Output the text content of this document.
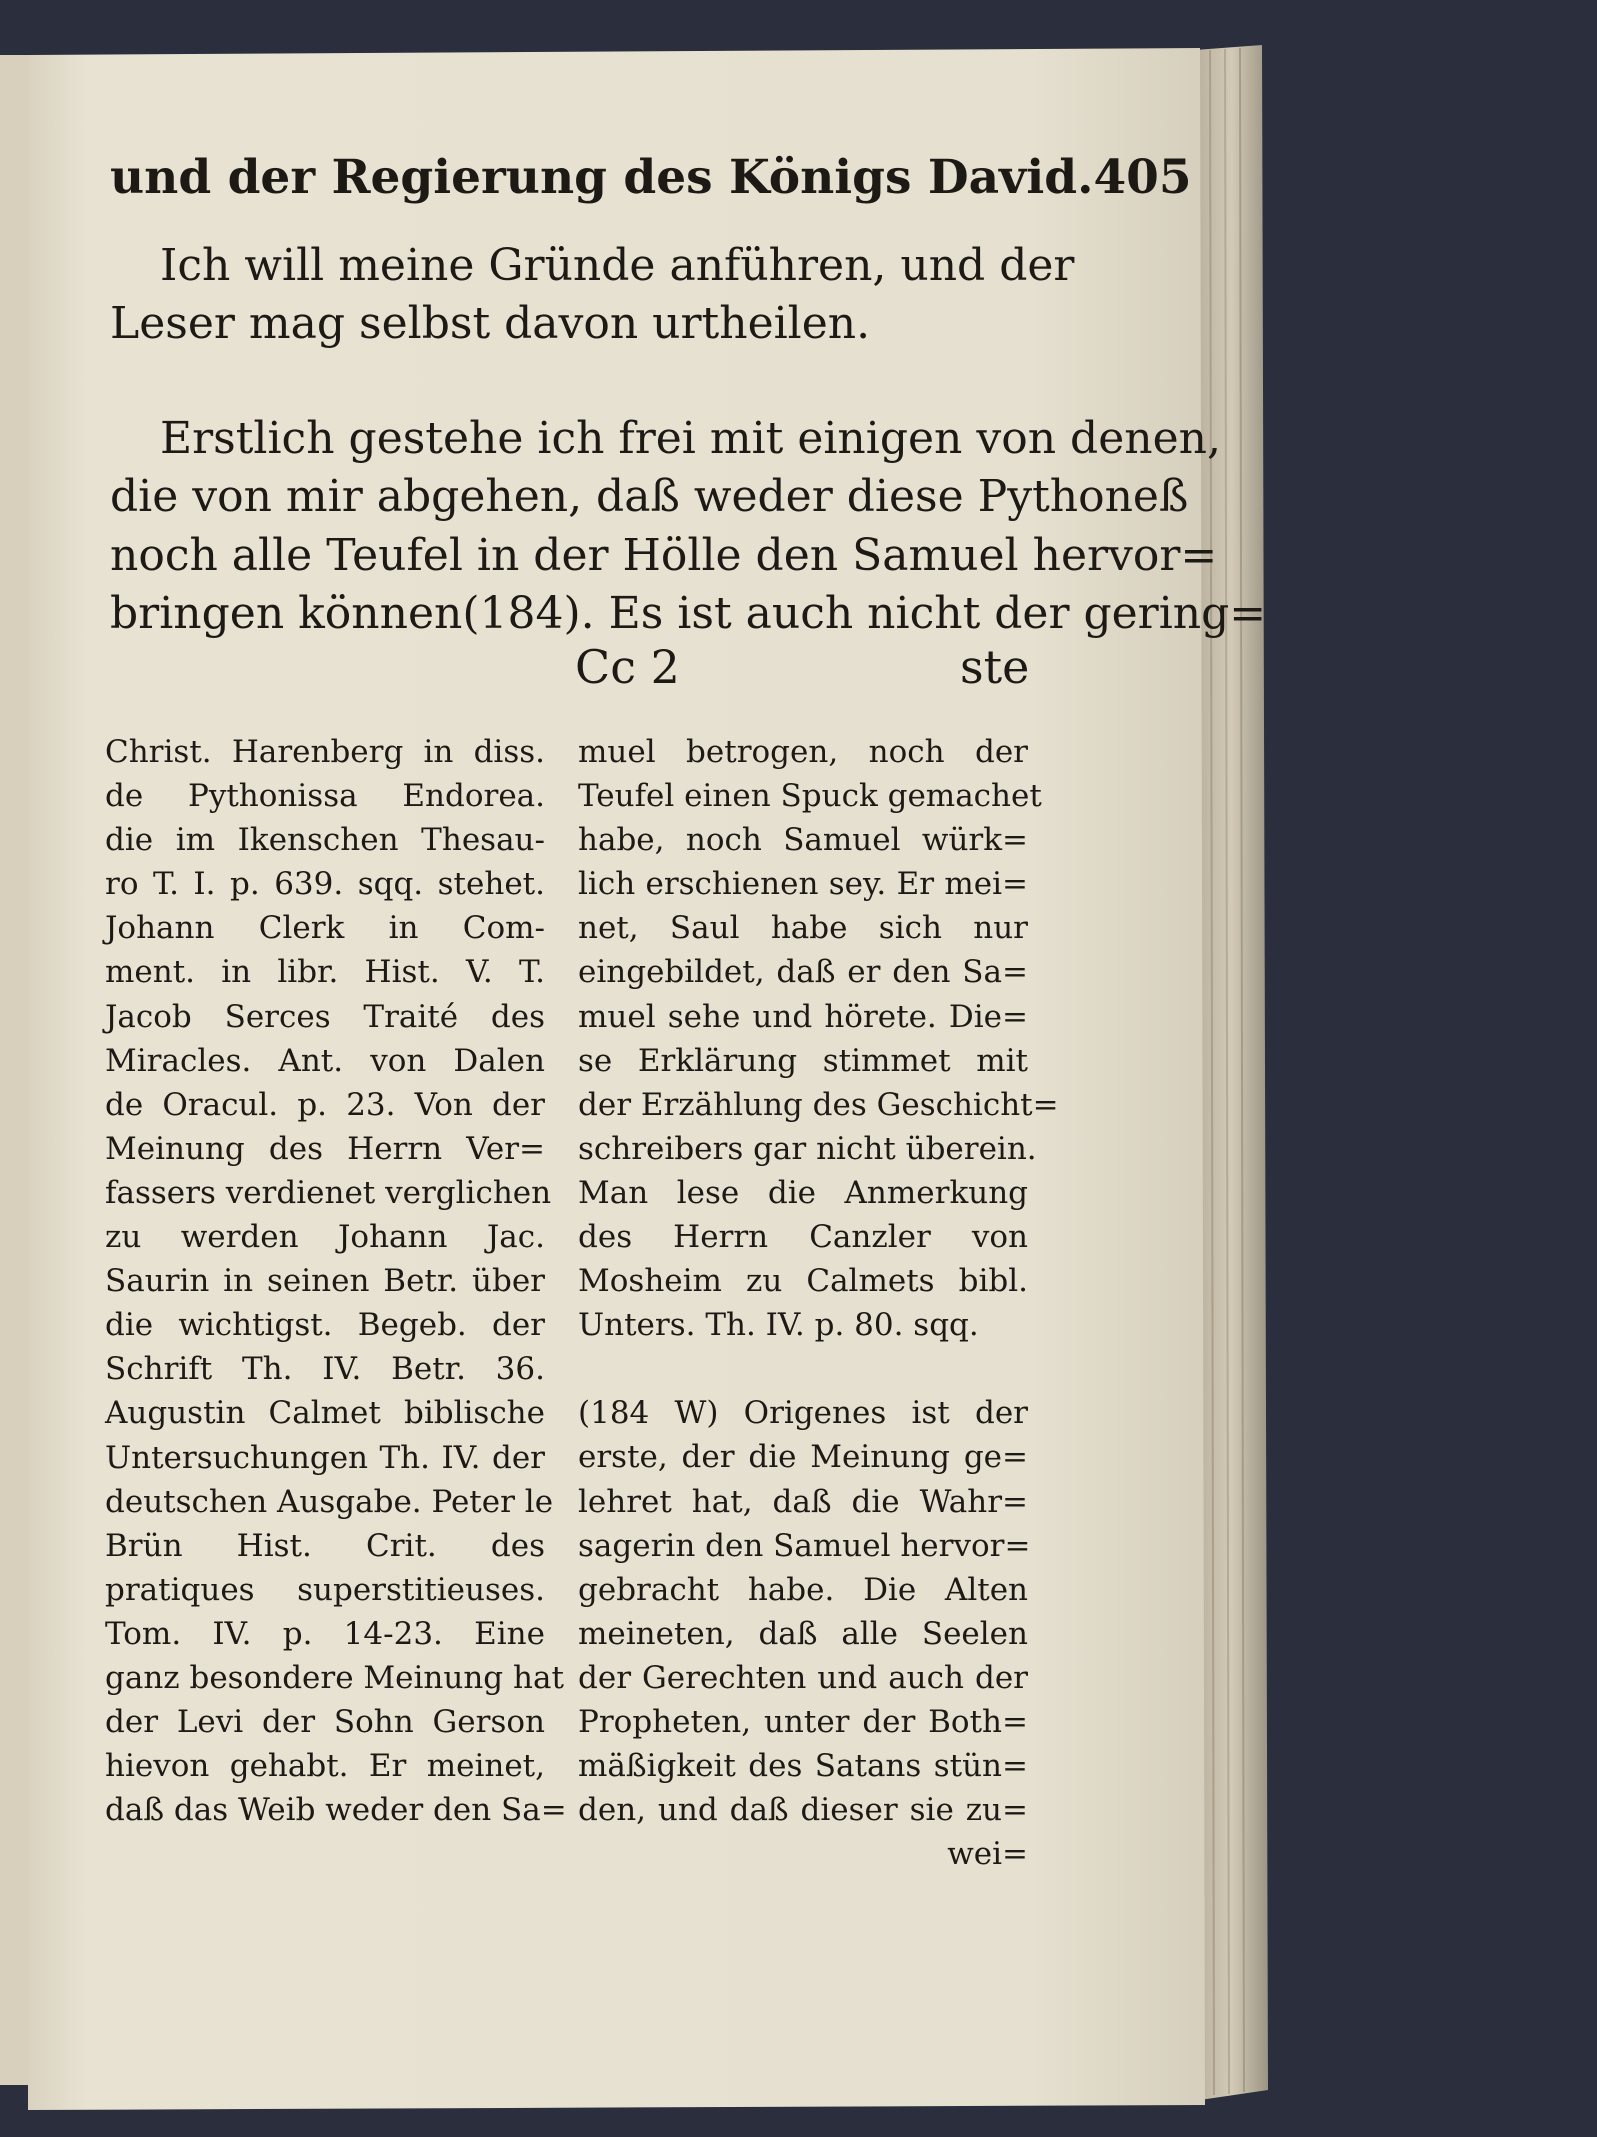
und der Regierung des Königs David. 405
Ich will meine Gründe anführen, und der
Leser mag selbst davon urtheilen.
Erstlich gestehe ich frei mit einigen von denen,
die von mir abgehen, daß weder diese Pythoneß
noch alle Teufel in der Hölle den Samuel hervor=
bringen können(184). Es ist auch nicht der gering=
Cc 2	ste
Christ. Harenberg in diss.
de Pythonissa Endorea.
die im Ikenschen Thesau-
ro T. I. p. 639. sqq. stehet.
Johann Clerk in Com-
ment. in libr. Hist. V. T.
Jacob Serces Traité des
Miracles. Ant. von Dalen
de Oracul. p. 23. Von der
Meinung des Herrn Ver=
fassers verdienet verglichen
zu werden Johann Jac.
Saurin in seinen Betr. über
die wichtigst. Begeb. der
Schrift Th. IV. Betr. 36.
Augustin Calmet biblische
Untersuchungen Th. IV. der
deutschen Ausgabe. Peter le
Brün Hist. Crit. des
pratiques superstitieuses.
Tom. IV. p. 14-23. Eine
ganz besondere Meinung hat
der Levi der Sohn Gerson
hievon gehabt. Er meinet,
daß das Weib weder den Sa=
muel betrogen, noch der
Teufel einen Spuck gemachet
habe, noch Samuel würk=
lich erschienen sey. Er mei=
net, Saul habe sich nur
eingebildet, daß er den Sa=
muel sehe und hörete. Die=
se Erklärung stimmet mit
der Erzählung des Geschicht=
schreibers gar nicht überein.
Man lese die Anmerkung
des Herrn Canzler von
Mosheim zu Calmets bibl.
Unters. Th. IV. p. 80. sqq.
(184 W) Origenes ist der
erste, der die Meinung ge=
lehret hat, daß die Wahr=
sagerin den Samuel hervor=
gebracht habe. Die Alten
meineten, daß alle Seelen
der Gerechten und auch der
Propheten, unter der Both=
mäßigkeit des Satans stün=
den, und daß dieser sie zu=
wei=
